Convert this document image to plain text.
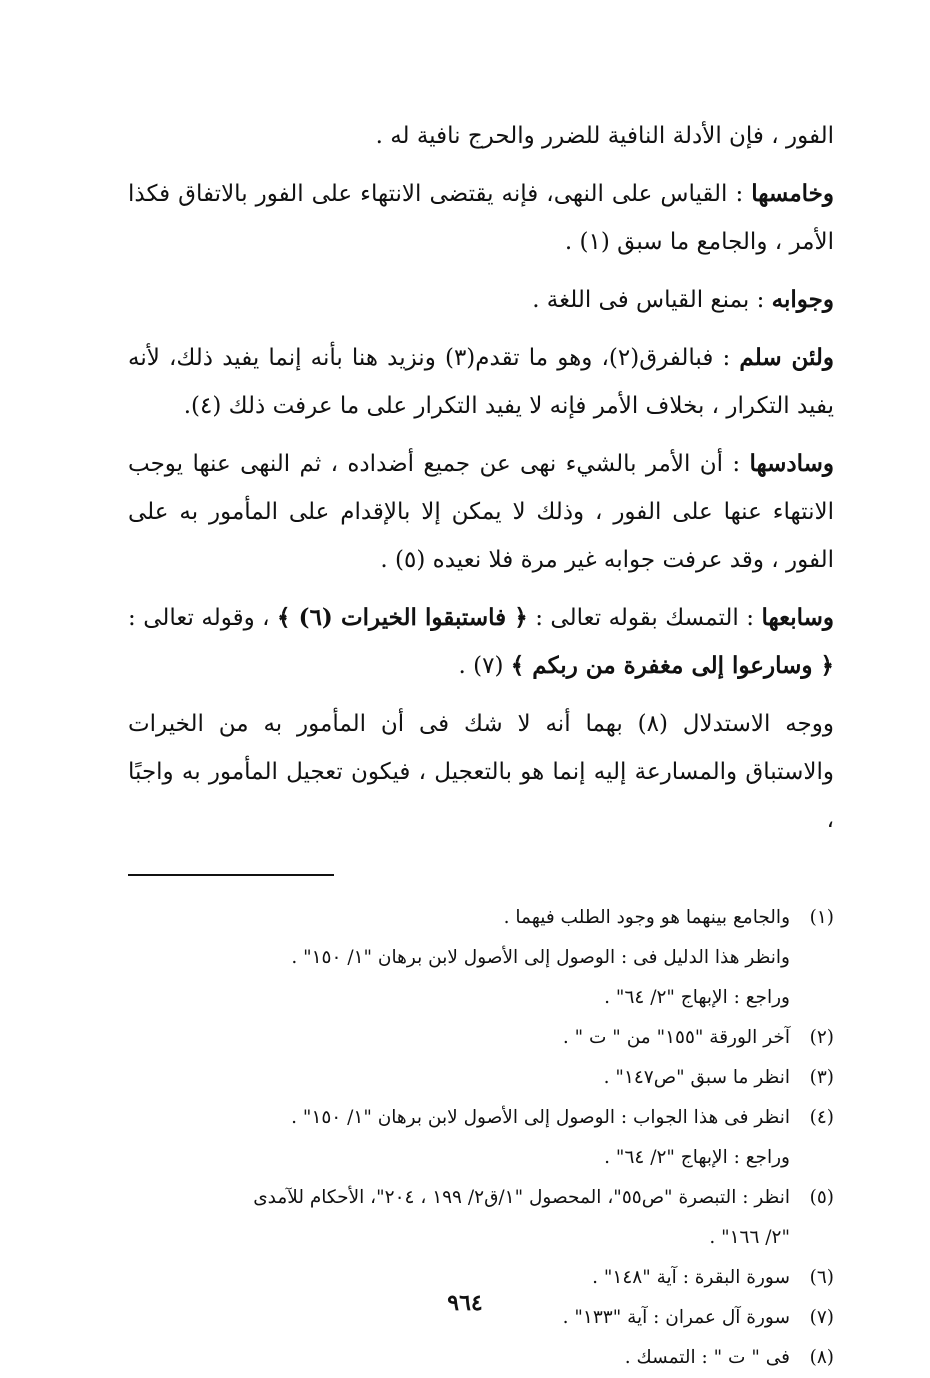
الفور ، فإن الأدلة النافية للضرر والحرج نافية له .

وخامسها : القياس على النهى، فإنه يقتضى الانتهاء على الفور بالاتفاق فكذا الأمر ، والجامع ما سبق (١) .

وجوابه : بمنع القياس فى اللغة .

ولئن سلم : فبالفرق(٢)، وهو ما تقدم(٣) ونزيد هنا بأنه إنما يفيد ذلك، لأنه يفيد التكرار ، بخلاف الأمر فإنه لا يفيد التكرار على ما عرفت ذلك (٤).

وسادسها : أن الأمر بالشيء نهى عن جميع أضداده ، ثم النهى عنها يوجب الانتهاء عنها على الفور ، وذلك لا يمكن إلا بالإقدام على المأمور به على الفور ، وقد عرفت جوابه غير مرة فلا نعيده (٥) .

وسابعها : التمسك بقوله تعالى : ﴿ فاستبقوا الخيرات (٦) ﴾ ، وقوله تعالى : ﴿ وسارعوا إلى مغفرة من ربكم ﴾ (٧) .

ووجه الاستدلال (٨) بهما أنه لا شك فى أن المأمور به من الخيرات والاستباق والمسارعة إليه إنما هو بالتعجيل ، فيكون تعجيل المأمور به واجبًا ،

(١)
والجامع بينهما هو وجود الطلب فيهما .
وانظر هذا الدليل فى : الوصول إلى الأصول لابن برهان "١/ ١٥٠" .
وراجع : الإبهاج "٢/ ٦٤" .
(٢)
آخر الورقة "١٥٥" من " ت " .
(٣)
انظر ما سبق "ص١٤٧" .
(٤)
انظر فى هذا الجواب : الوصول إلى الأصول لابن برهان "١/ ١٥٠" .
وراجع : الإبهاج "٢/ ٦٤" .
(٥)
انظر : التبصرة "ص٥٥"، المحصول "١/ق٢/ ١٩٩ ، ٢٠٤"، الأحكام للآمدى
"٢/ ١٦٦" .
(٦)
سورة البقرة : آية "١٤٨" .
(٧)
سورة آل عمران : آية "١٣٣" .
(٨)
فى " ت " : التمسك .
٩٦٤
